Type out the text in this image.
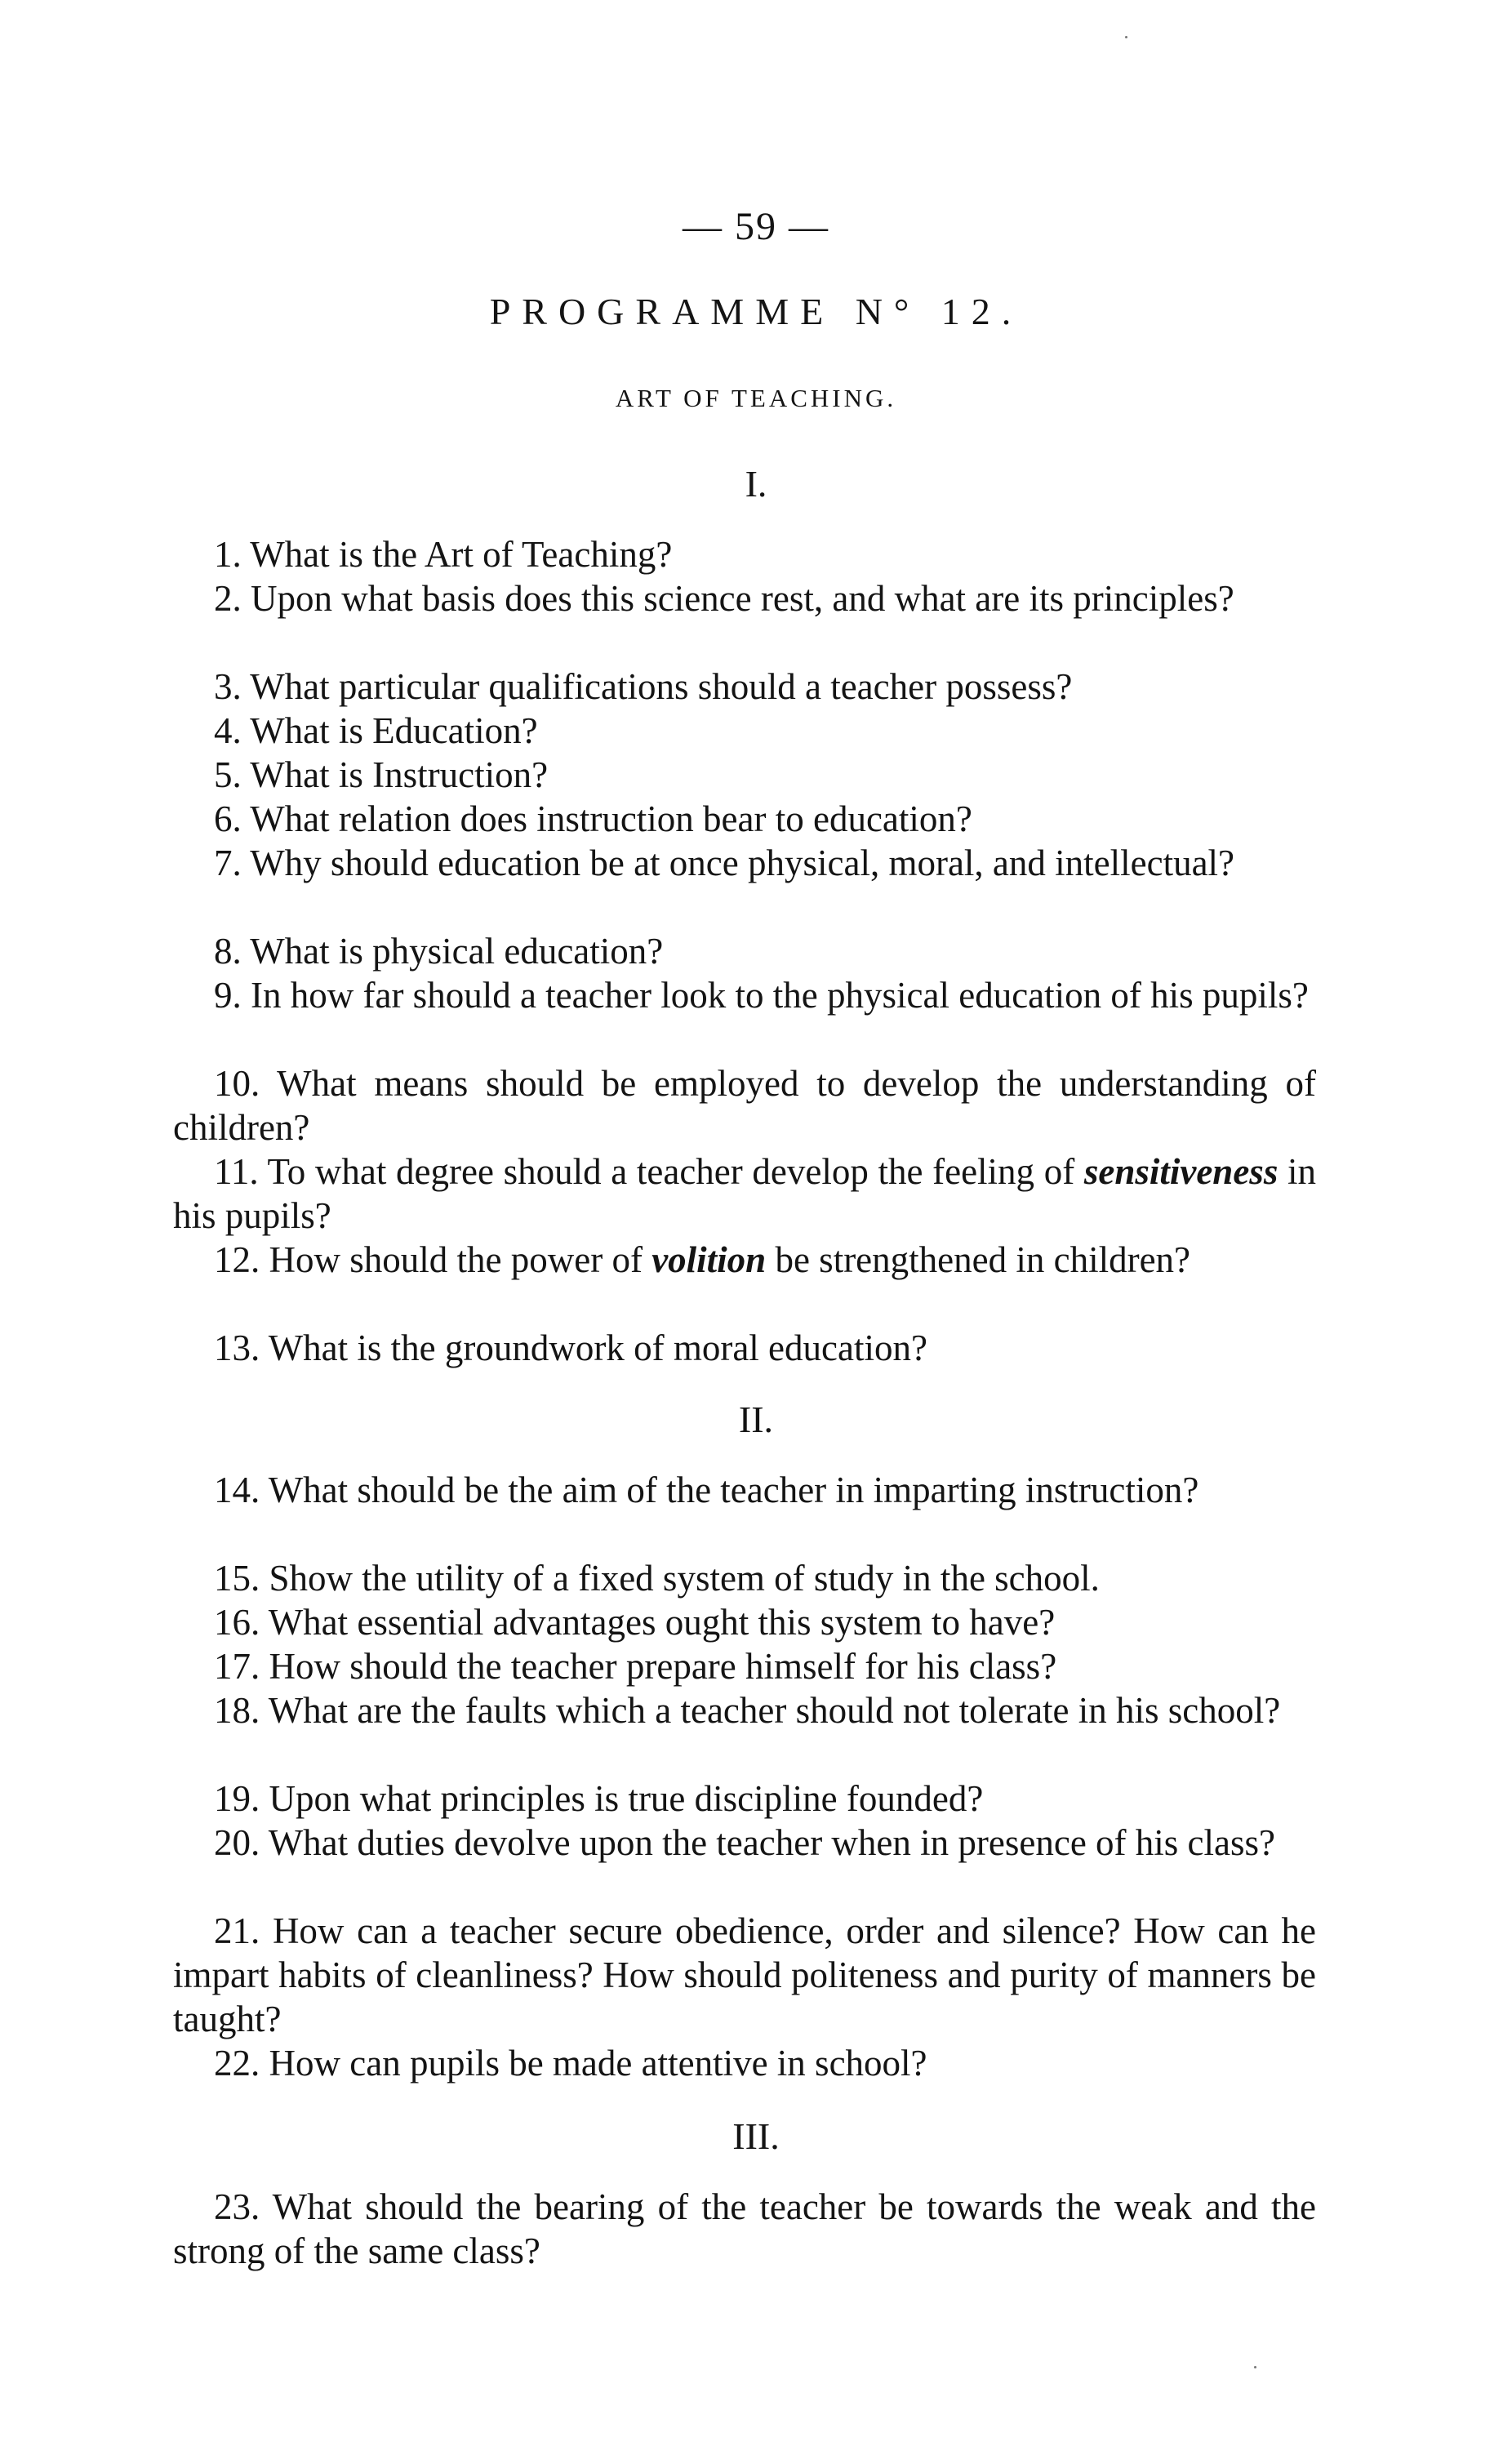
— 59 —
PROGRAMME N° 12.
ART OF TEACHING.
I.

1. What is the Art of Teaching?

2. Upon what basis does this science rest, and what are its principles?

3. What particular qualifications should a teacher possess?

4. What is Education?

5. What is Instruction?

6. What relation does instruction bear to education?

7. Why should education be at once physical, moral, and intellectual?

8. What is physical education?

9. In how far should a teacher look to the physical education of his pupils?

10. What means should be employed to develop the understanding of children?

11. To what degree should a teacher develop the feeling of sensitiveness in his pupils?

12. How should the power of volition be strengthened in children?

13. What is the groundwork of moral education?

II.

14. What should be the aim of the teacher in imparting instruction?

15. Show the utility of a fixed system of study in the school.

16. What essential advantages ought this system to have?

17. How should the teacher prepare himself for his class?

18. What are the faults which a teacher should not tolerate in his school?

19. Upon what principles is true discipline founded?

20. What duties devolve upon the teacher when in presence of his class?

21. How can a teacher secure obedience, order and silence? How can he impart habits of cleanliness? How should politeness and purity of manners be taught?

22. How can pupils be made attentive in school?

III.

23. What should the bearing of the teacher be towards the weak and the strong of the same class?
